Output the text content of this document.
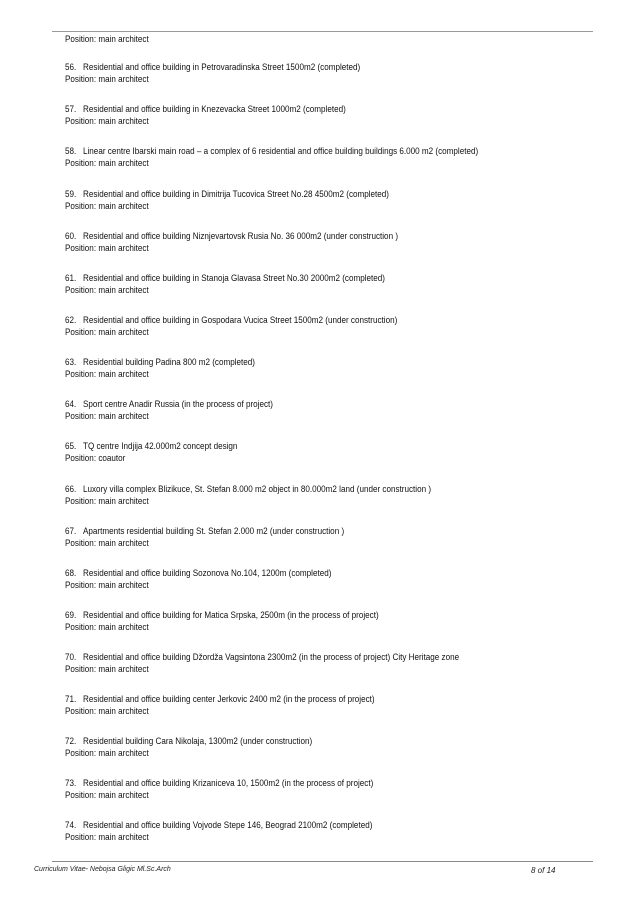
Position: main architect
56. Residential and office building in Petrovaradinska Street 1500m2 (completed)
Position: main architect
57. Residential and office building in Knezevacka Street 1000m2 (completed)
Position: main architect
58. Linear centre Ibarski main road – a complex of 6 residential and office building buildings 6.000 m2 (completed)
Position: main architect
59. Residential and office building in Dimitrija Tucovica Street No.28 4500m2 (completed)
Position: main architect
60. Residential and office building Niznjevartovsk Rusia No. 36 000m2 (under construction )
Position: main architect
61. Residential and office building in Stanoja Glavasa Street No.30 2000m2 (completed)
Position: main architect
62. Residential and office building in Gospodara Vucica Street 1500m2 (under construction)
Position: main architect
63. Residential building Padina 800 m2 (completed)
Position: main architect
64. Sport centre Anadir Russia (in the process of project)
Position: main architect
65. TQ centre Indjija 42.000m2 concept design
Position: coautor
66. Luxory villa complex Blizikuce, St. Stefan 8.000 m2 object in 80.000m2 land (under construction )
Position: main architect
67. Apartments residential building St. Stefan 2.000 m2 (under construction )
Position: main architect
68. Residential and office building Sozonova No.104, 1200m (completed)
Position: main architect
69. Residential and office building for Matica Srpska, 2500m (in the process of project)
Position: main architect
70. Residential and office building Džordža Vagsintona 2300m2 (in the process of project) City Heritage zone
Position: main architect
71. Residential and office building center Jerkovic 2400 m2 (in the process of project)
Position: main architect
72. Residential building Cara Nikolaja, 1300m2 (under construction)
Position: main architect
73. Residential and office building Krizaniceva 10, 1500m2 (in the process of project)
Position: main architect
74. Residential and office building Vojvode Stepe 146, Beograd 2100m2 (completed)
Position: main architect
Curriculum Vitae- Nebojsa Gligic Ml.Sc.Arch	8 of 14
